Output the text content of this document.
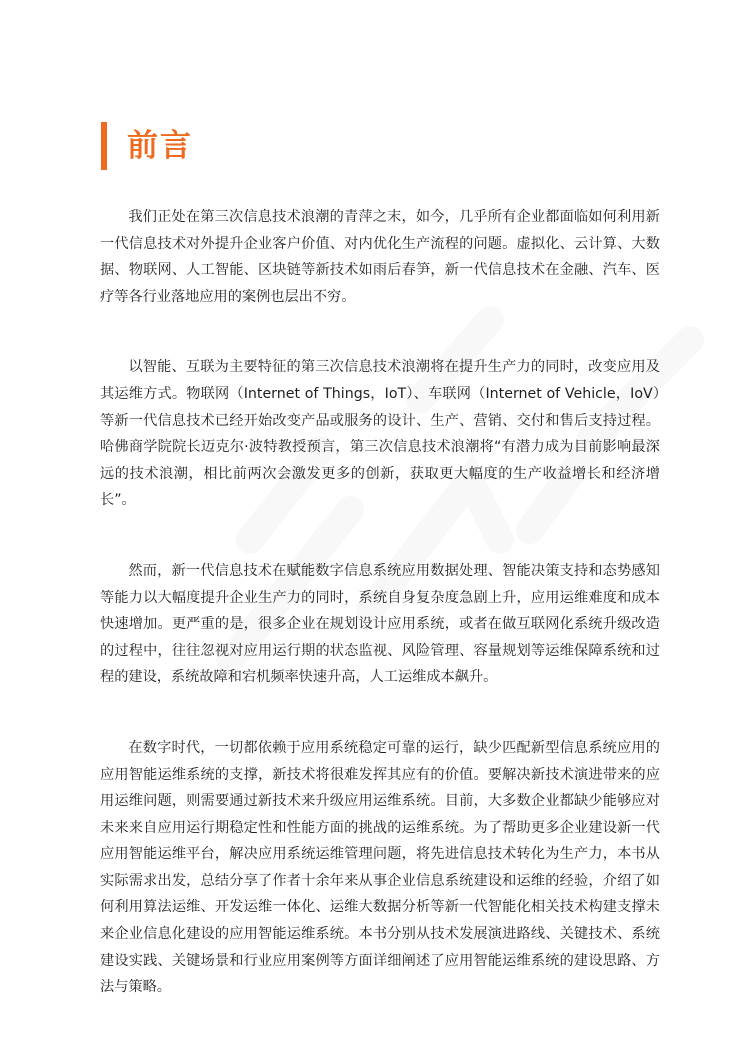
前言

我们正处在第三次信息技术浪潮的青萍之末，如今，几乎所有企业都面临如何利用新一代信息技术对外提升企业客户价值、对内优化生产流程的问题。虚拟化、云计算、大数据、物联网、人工智能、区块链等新技术如雨后春笋，新一代信息技术在金融、汽车、医疗等各行业落地应用的案例也层出不穷。

以智能、互联为主要特征的第三次信息技术浪潮将在提升生产力的同时，改变应用及其运维方式。物联网（Internet of Things，IoT）、车联网（Internet of Vehicle，IoV）等新一代信息技术已经开始改变产品或服务的设计、生产、营销、交付和售后支持过程。哈佛商学院院长迈克尔·波特教授预言，第三次信息技术浪潮将“有潜力成为目前影响最深远的技术浪潮，相比前两次会激发更多的创新，获取更大幅度的生产收益增长和经济增长”。

然而，新一代信息技术在赋能数字信息系统应用数据处理、智能决策支持和态势感知等能力以大幅度提升企业生产力的同时，系统自身复杂度急剧上升，应用运维难度和成本快速增加。更严重的是，很多企业在规划设计应用系统，或者在做互联网化系统升级改造的过程中，往往忽视对应用运行期的状态监视、风险管理、容量规划等运维保障系统和过程的建设，系统故障和宕机频率快速升高，人工运维成本飙升。

在数字时代，一切都依赖于应用系统稳定可靠的运行，缺少匹配新型信息系统应用的应用智能运维系统的支撑，新技术将很难发挥其应有的价值。要解决新技术演进带来的应用运维问题，则需要通过新技术来升级应用运维系统。目前，大多数企业都缺少能够应对未来来自应用运行期稳定性和性能方面的挑战的运维系统。为了帮助更多企业建设新一代应用智能运维平台，解决应用系统运维管理问题，将先进信息技术转化为生产力，本书从实际需求出发，总结分享了作者十余年来从事企业信息系统建设和运维的经验，介绍了如何利用算法运维、开发运维一体化、运维大数据分析等新一代智能化相关技术构建支撑未来企业信息化建设的应用智能运维系统。本书分别从技术发展演进路线、关键技术、系统建设实践、关键场景和行业应用案例等方面详细阐述了应用智能运维系统的建设思路、方法与策略。
